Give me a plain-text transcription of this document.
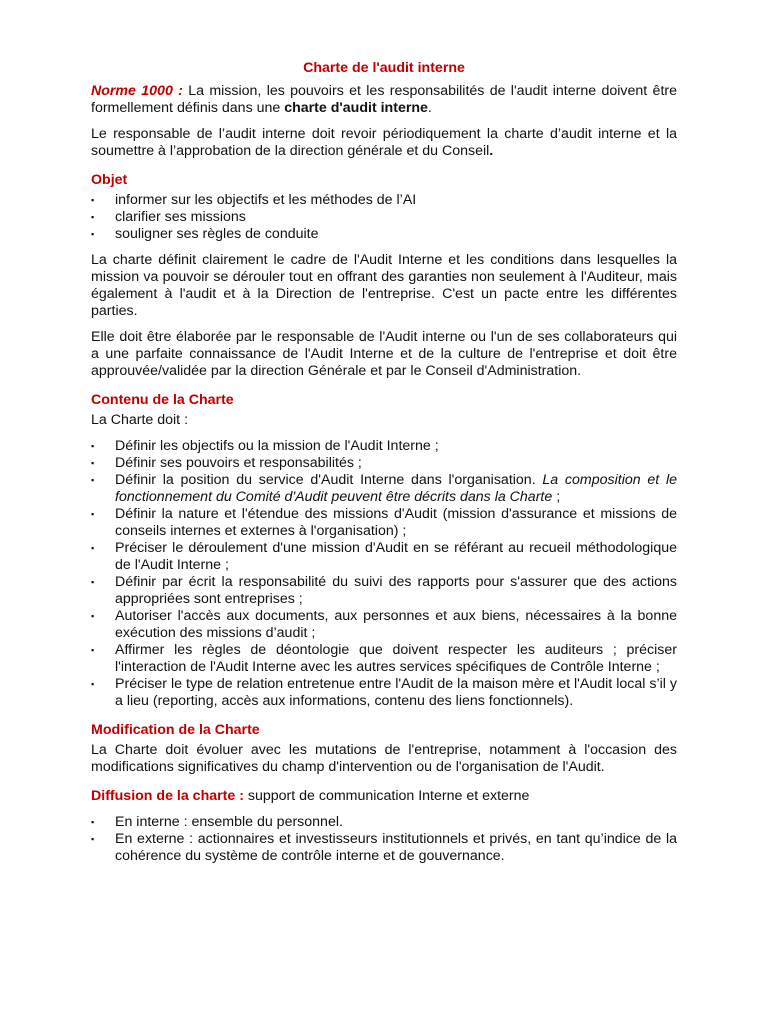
Charte de l'audit interne

Norme 1000 : La mission, les pouvoirs et les responsabilités de l'audit interne doivent être formellement définis dans une charte d'audit interne.

Le responsable de l’audit interne doit revoir périodiquement la charte d’audit interne et la soumettre à l’approbation de la direction générale et du Conseil.

Objet
▪ informer sur les objectifs et les méthodes de l’AI
▪ clarifier ses missions
▪ souligner ses règles de conduite

La charte définit clairement le cadre de l'Audit Interne et les conditions dans lesquelles la mission va pouvoir se dérouler tout en offrant des garanties non seulement à l'Auditeur, mais également à l'audit et à la Direction de l'entreprise. C'est un pacte entre les différentes parties.

Elle doit être élaborée par le responsable de l'Audit interne ou l'un de ses collaborateurs qui a une parfaite connaissance de l'Audit Interne et de la culture de l'entreprise et doit être approuvée/validée par la direction Générale et par le Conseil d'Administration.

Contenu de la Charte

La Charte doit :

▪ Définir les objectifs ou la mission de l'Audit Interne ;
▪ Définir ses pouvoirs et responsabilités ;
▪ Définir la position du service d'Audit Interne dans l'organisation. La composition et le fonctionnement du Comité d'Audit peuvent être décrits dans la Charte ;
▪ Définir la nature et l'étendue des missions d'Audit (mission d'assurance et missions de conseils internes et externes à l'organisation) ;
▪ Préciser le déroulement d'une mission d'Audit en se référant au recueil méthodologique de l'Audit Interne ;
▪ Définir par écrit la responsabilité du suivi des rapports pour s'assurer que des actions appropriées sont entreprises ;
▪ Autoriser l'accès aux documents, aux personnes et aux biens, nécessaires à la bonne exécution des missions d’audit ;
▪ Affirmer les règles de déontologie que doivent respecter les auditeurs ; préciser l'interaction de l'Audit Interne avec les autres services spécifiques de Contrôle Interne ;
▪ Préciser le type de relation entretenue entre l'Audit de la maison mère et l'Audit local s’il y a lieu (reporting, accès aux informations, contenu des liens fonctionnels).
Modification de la Charte

La Charte doit évoluer avec les mutations de l'entreprise, notamment à l'occasion des modifications significatives du champ d'intervention ou de l'organisation de l'Audit.

Diffusion de la charte : support de communication Interne et externe

▪ En interne : ensemble du personnel.
▪ En externe : actionnaires et investisseurs institutionnels et privés, en tant qu’indice de la cohérence du système de contrôle interne et de gouvernance.
